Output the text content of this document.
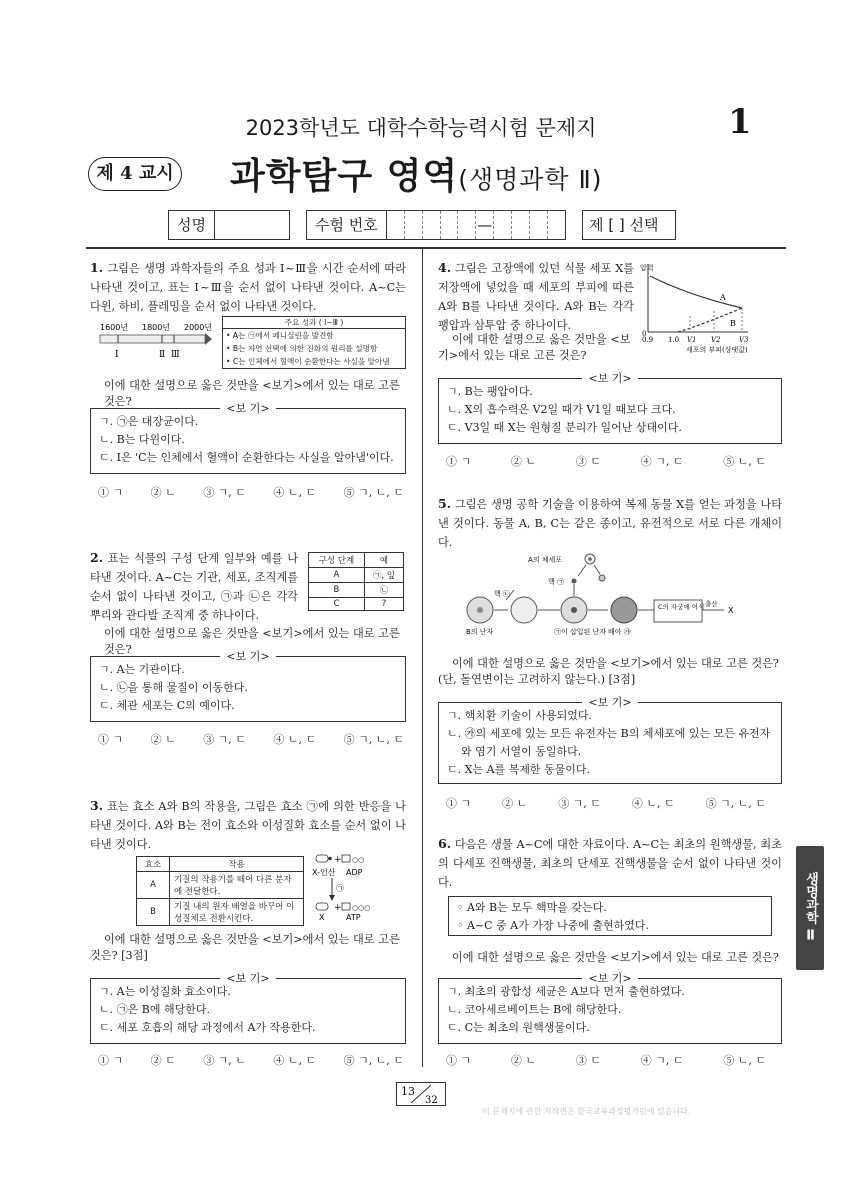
2023학년도 대학수학능력시험 문제지	1
제 4 교시 과학탐구 영역(생명과학 Ⅱ)
성명	수험 번호	—	제 [ ] 선택
1. 그림은 생명 과학자들의 주요 성과 Ⅰ~Ⅲ을 시간 순서에 따라 나타낸 것이고, 표는 Ⅰ~Ⅲ을 순서 없이 나타낸 것이다. A~C는 다윈, 하비, 플레밍을 순서 없이 나타낸 것이다.
1600년 1800년 2000년
Ⅰ	Ⅱ Ⅲ
주요 성과 ( Ⅰ~Ⅲ )
• A는 ㉠에서 페니실린을 발견함
• B는 자연 선택에 의한 진화의 원리를 설명함
• C는 인체에서 혈액이 순환한다는 사실을 알아냄
이에 대한 설명으로 옳은 것만을 <보기>에서 있는 대로 고른 것은?
<보 기>
ㄱ. ㉠은 대장균이다.
ㄴ. B는 다윈이다.
ㄷ. Ⅰ은 'C는 인체에서 혈액이 순환한다는 사실을 알아냄'이다.
① ㄱ ② ㄴ ③ ㄱ, ㄷ ④ ㄴ, ㄷ ⑤ ㄱ, ㄴ, ㄷ
2. 표는 식물의 구성 단계 일부와 예를 나타낸 것이다. A~C는 기관, 세포, 조직계를 순서 없이 나타낸 것이고, ㉠과 ㉡은 각각 뿌리와 관다발 조직계 중 하나이다.
구성 단계	예
A	㉠, 잎
B	㉡
C	?
이에 대한 설명으로 옳은 것만을 <보기>에서 있는 대로 고른 것은?
<보 기>
ㄱ. A는 기관이다.
ㄴ. ㉡을 통해 물질이 이동한다.
ㄷ. 체관 세포는 C의 예이다.
① ㄱ ② ㄴ ③ ㄱ, ㄷ ④ ㄴ, ㄷ ⑤ ㄱ, ㄴ, ㄷ
3. 표는 효소 A와 B의 작용을, 그림은 효소 ㉠에 의한 반응을 나타낸 것이다. A와 B는 전이 효소와 이성질화 효소를 순서 없이 나타낸 것이다.
효소	작용
A	기질의 작용기를 떼어 다른 분자에 전달한다.
B	기질 내의 원자 배열을 바꾸어 이성질체로 전환시킨다.
+ ○○
X-인산 ADP
㉠
+ ○○○
X	ATP
이에 대한 설명으로 옳은 것만을 <보기>에서 있는 대로 고른 것은? [3점]
<보 기>
ㄱ. A는 이성질화 효소이다.
ㄴ. ㉠은 B에 해당한다.
ㄷ. 세포 호흡의 해당 과정에서 A가 작용한다.
① ㄱ ② ㄷ ③ ㄱ, ㄴ ④ ㄴ, ㄷ ⑤ ㄱ, ㄴ, ㄷ
4. 그림은 고장액에 있던 식물 세포 X를 저장액에 넣었을 때 세포의 부피에 따른 A와 B를 나타낸 것이다. A와 B는 각각 팽압과 삼투압 중 하나이다.
압력
0
A
B
0.9 1.0 V1 V2	V3
세포의 부피(상댓값)
이에 대한 설명으로 옳은 것만을 <보기>에서 있는 대로 고른 것은?
<보 기>
ㄱ. B는 팽압이다.
ㄴ. X의 흡수력은 V2일 때가 V1일 때보다 크다.
ㄷ. V3일 때 X는 원형질 분리가 일어난 상태이다.
① ㄱ	② ㄴ	③ ㄷ	④ ㄱ, ㄷ	⑤ ㄴ, ㄷ
5. 그림은 생명 공학 기술을 이용하여 복제 동물 X를 얻는 과정을 나타낸 것이다. 동물 A, B, C는 같은 종이고, 유전적으로 서로 다른 개체이다.
A의 체세포
핵 ㉠
핵 ㉡
C의 자궁에 이식 출산
X
B의 난자	㉠이 삽입된 난자 배아 ㉮
이에 대한 설명으로 옳은 것만을 <보기>에서 있는 대로 고른 것은? (단, 돌연변이는 고려하지 않는다.) [3점]
<보 기>
ㄱ. 핵치환 기술이 사용되었다.
ㄴ. ㉮의 세포에 있는 모든 유전자는 B의 체세포에 있는 모든 유전자와 염기 서열이 동일하다.
ㄷ. X는 A를 복제한 동물이다.
① ㄱ	② ㄴ	③ ㄱ, ㄷ	④ ㄴ, ㄷ	⑤ ㄱ, ㄴ, ㄷ
6. 다음은 생물 A~C에 대한 자료이다. A~C는 최초의 원핵생물, 최초의 다세포 진핵생물, 최초의 단세포 진핵생물을 순서 없이 나타낸 것이다.
◦ A와 B는 모두 핵막을 갖는다.
◦ A~C 중 A가 가장 나중에 출현하였다.
이에 대한 설명으로 옳은 것만을 <보기>에서 있는 대로 고른 것은?
<보 기>
ㄱ. 최초의 광합성 세균은 A보다 먼저 출현하였다.
ㄴ. 코아세르베이트는 B에 해당한다.
ㄷ. C는 최초의 원핵생물이다.
① ㄱ	② ㄴ	③ ㄷ	④ ㄱ, ㄷ	⑤ ㄴ, ㄷ
생명과학 Ⅱ
13
32
이 문제지에 관한 저작권은 한국교육과정평가원에 있습니다.
